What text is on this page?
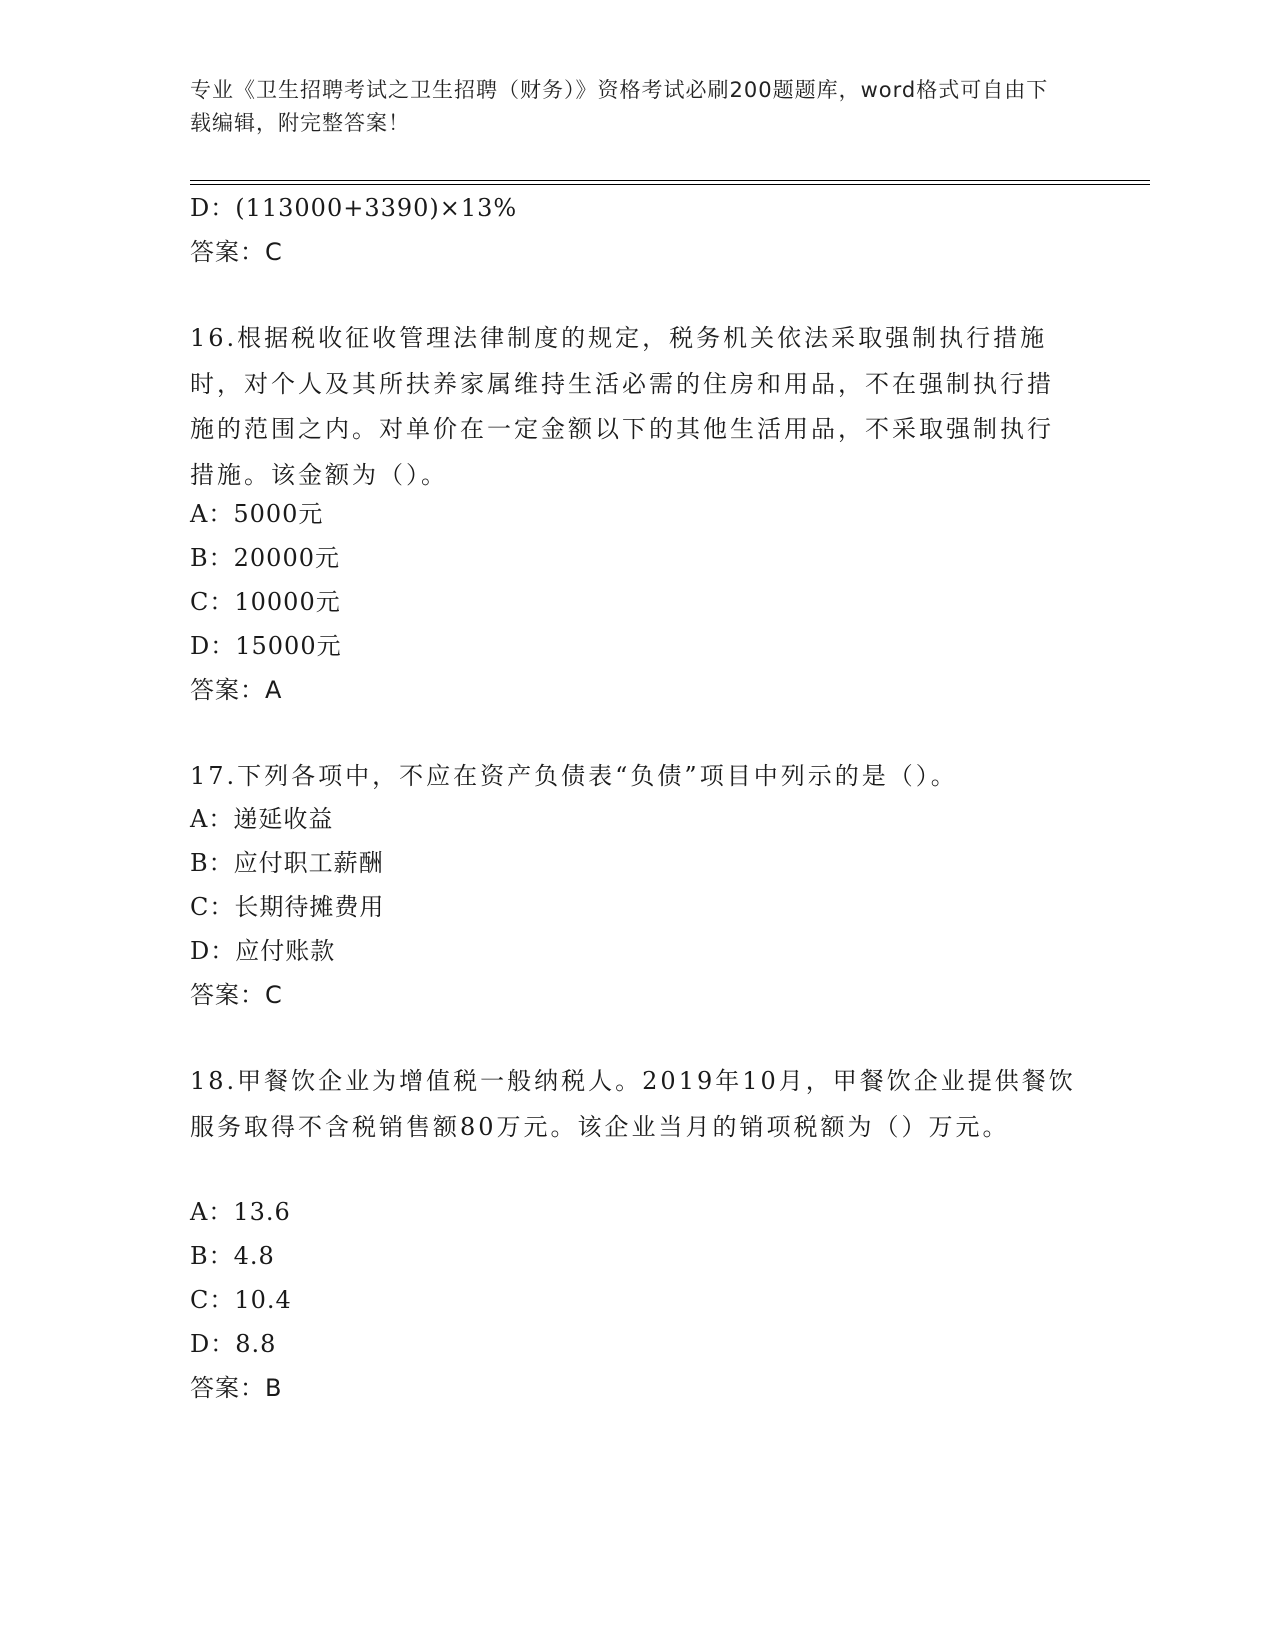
专业《卫生招聘考试之卫生招聘（财务）》资格考试必刷200题题库，word格式可自由下载编辑，附完整答案！
D：(113000+3390)×13%
答案：C
16.根据税收征收管理法律制度的规定，税务机关依法采取强制执行措施时，对个人及其所扶养家属维持生活必需的住房和用品，不在强制执行措施的范围之内。对单价在一定金额以下的其他生活用品，不采取强制执行措施。该金额为（）。
A：5000元
B：20000元
C：10000元
D：15000元
答案：A
17.下列各项中，不应在资产负债表“负债”项目中列示的是（）。
A：递延收益
B：应付职工薪酬
C：长期待摊费用
D：应付账款
答案：C
18.甲餐饮企业为增值税一般纳税人。2019年10月，甲餐饮企业提供餐饮服务取得不含税销售额80万元。该企业当月的销项税额为（）万元。
A：13.6
B：4.8
C：10.4
D：8.8
答案：B
